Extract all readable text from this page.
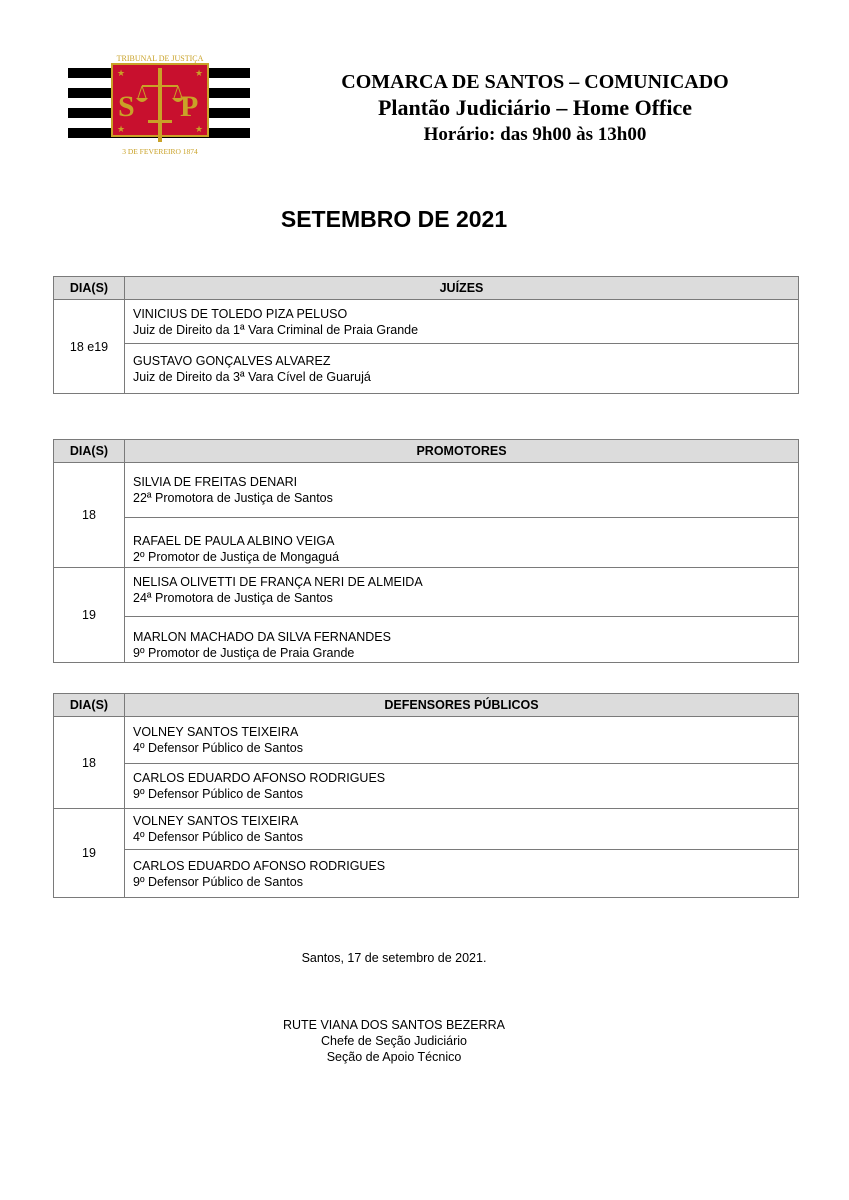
★	★
★	★
S P
TRIBUNAL DE JUSTIÇA
3 DE FEVEREIRO 1874
COMARCA DE SANTOS – COMUNICADO
Plantão Judiciário – Home Office
Horário: das 9h00 às 13h00
SETEMBRO DE 2021
DIA(S)	JUÍZES
18 e19	VINICIUS DE TOLEDO PIZA PELUSO
Juiz de Direito da 1ª Vara Criminal de Praia Grande

	GUSTAVO GONÇALVES ALVAREZ
Juiz de Direito da 3ª Vara Cível de Guarujá
DIA(S)	PROMOTORES
18	SILVIA DE FREITAS DENARI
22ª Promotora de Justiça de Santos

	RAFAEL DE PAULA ALBINO VEIGA
2º Promotor de Justiça de Mongaguá

19	NELISA OLIVETTI DE FRANÇA NERI DE ALMEIDA
24ª Promotora de Justiça de Santos

	MARLON MACHADO DA SILVA FERNANDES
9º Promotor de Justiça de Praia Grande
DIA(S)	DEFENSORES PÚBLICOS
18	VOLNEY SANTOS TEIXEIRA
4º Defensor Público de Santos

	CARLOS EDUARDO AFONSO RODRIGUES
9º Defensor Público de Santos

19	VOLNEY SANTOS TEIXEIRA
4º Defensor Público de Santos

	CARLOS EDUARDO AFONSO RODRIGUES
9º Defensor Público de Santos
Santos, 17 de setembro de 2021.
RUTE VIANA DOS SANTOS BEZERRA
Chefe de Seção Judiciário
Seção de Apoio Técnico
